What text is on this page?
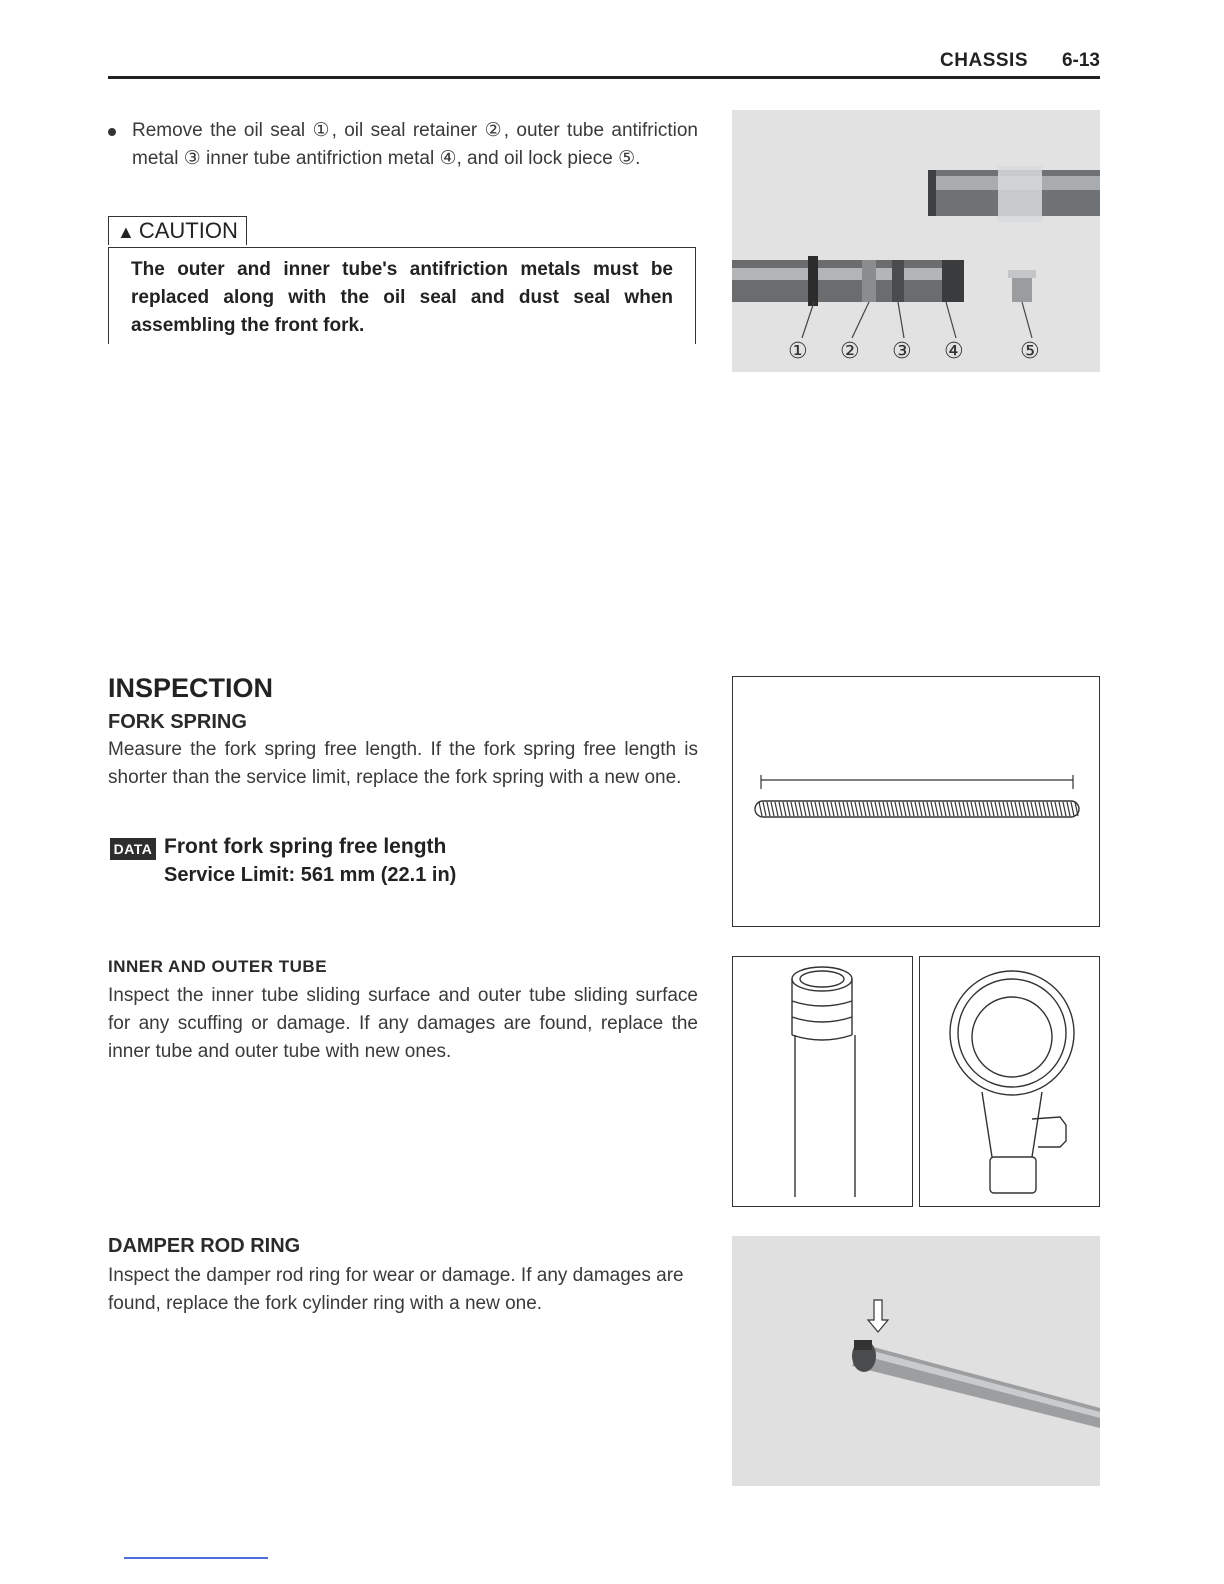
CHASSIS 6-13
Remove the oil seal ①, oil seal retainer ②, outer tube antifriction metal ③ inner tube antifriction metal ④, and oil lock piece ⑤.
▲ CAUTION
The outer and inner tube's antifriction metals must be replaced along with the oil seal and dust seal when assembling the front fork.
① ② ③ ④	⑤
INSPECTION
FORK SPRING
Measure the fork spring free length. If the fork spring free length is shorter than the service limit, replace the fork spring with a new one.
DATA Front fork spring free length
Service Limit: 561 mm (22.1 in)
INNER AND OUTER TUBE
Inspect the inner tube sliding surface and outer tube sliding surface for any scuffing or damage. If any damages are found, replace the inner tube and outer tube with new ones.
DAMPER ROD RING
Inspect the damper rod ring for wear or damage. If any damages are found, replace the fork cylinder ring with a new one.
